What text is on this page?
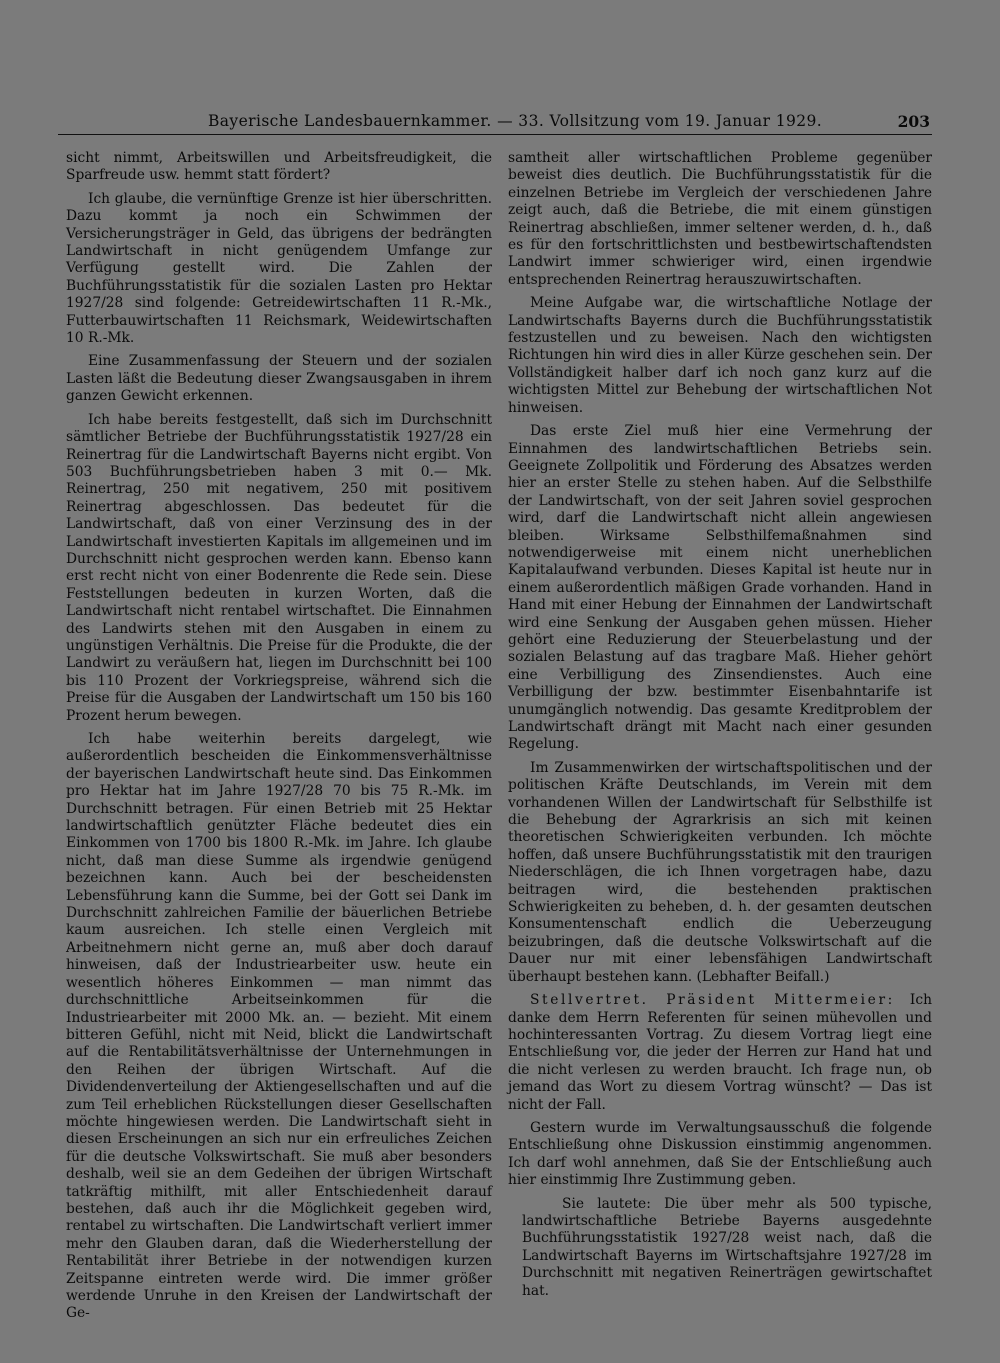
Bayerische Landesbauernkammer. — 33. Vollsitzung vom 19. Januar 1929.	203

sicht nimmt, Arbeitswillen und Arbeitsfreudigkeit, die Sparfreude usw. hemmt statt fördert?

Ich glaube, die vernünftige Grenze ist hier überschritten. Dazu kommt ja noch ein Schwimmen der Versicherungsträger in Geld, das übrigens der bedrängten Landwirtschaft in nicht genügendem Umfange zur Verfügung gestellt wird. Die Zahlen der Buchführungsstatistik für die sozialen Lasten pro Hektar 1927/28 sind folgende: Getreidewirtschaften 11 R.-Mk., Futterbauwirtschaften 11 Reichsmark, Weidewirtschaften 10 R.-Mk.

Eine Zusammenfassung der Steuern und der sozialen Lasten läßt die Bedeutung dieser Zwangsausgaben in ihrem ganzen Gewicht erkennen.

Ich habe bereits festgestellt, daß sich im Durchschnitt sämtlicher Betriebe der Buchführungsstatistik 1927/28 ein Reinertrag für die Landwirtschaft Bayerns nicht ergibt. Von 503 Buchführungsbetrieben haben 3 mit 0.— Mk. Reinertrag, 250 mit negativem, 250 mit positivem Reinertrag abgeschlossen. Das bedeutet für die Landwirtschaft, daß von einer Verzinsung des in der Landwirtschaft investierten Kapitals im allgemeinen und im Durchschnitt nicht gesprochen werden kann. Ebenso kann erst recht nicht von einer Bodenrente die Rede sein. Diese Feststellungen bedeuten in kurzen Worten, daß die Landwirtschaft nicht rentabel wirtschaftet. Die Einnahmen des Landwirts stehen mit den Ausgaben in einem zu ungünstigen Verhältnis. Die Preise für die Produkte, die der Landwirt zu veräußern hat, liegen im Durchschnitt bei 100 bis 110 Prozent der Vorkriegspreise, während sich die Preise für die Ausgaben der Landwirtschaft um 150 bis 160 Prozent herum bewegen.

Ich habe weiterhin bereits dargelegt, wie außerordentlich bescheiden die Einkommensverhältnisse der bayerischen Landwirtschaft heute sind. Das Einkommen pro Hektar hat im Jahre 1927/28 70 bis 75 R.-Mk. im Durchschnitt betragen. Für einen Betrieb mit 25 Hektar landwirtschaftlich genützter Fläche bedeutet dies ein Einkommen von 1700 bis 1800 R.-Mk. im Jahre. Ich glaube nicht, daß man diese Summe als irgendwie genügend bezeichnen kann. Auch bei der bescheidensten Lebensführung kann die Summe, bei der Gott sei Dank im Durchschnitt zahlreichen Familie der bäuerlichen Betriebe kaum ausreichen. Ich stelle einen Vergleich mit Arbeitnehmern nicht gerne an, muß aber doch darauf hinweisen, daß der Industriearbeiter usw. heute ein wesentlich höheres Einkommen — man nimmt das durchschnittliche Arbeitseinkommen für die Industriearbeiter mit 2000 Mk. an. — bezieht. Mit einem bitteren Gefühl, nicht mit Neid, blickt die Landwirtschaft auf die Rentabilitätsverhältnisse der Unternehmungen in den Reihen der übrigen Wirtschaft. Auf die Dividendenverteilung der Aktiengesellschaften und auf die zum Teil erheblichen Rückstellungen dieser Gesellschaften möchte hingewiesen werden. Die Landwirtschaft sieht in diesen Erscheinungen an sich nur ein erfreuliches Zeichen für die deutsche Volkswirtschaft. Sie muß aber besonders deshalb, weil sie an dem Gedeihen der übrigen Wirtschaft tatkräftig mithilft, mit aller Entschiedenheit darauf bestehen, daß auch ihr die Möglichkeit gegeben wird, rentabel zu wirtschaften. Die Landwirtschaft verliert immer mehr den Glauben daran, daß die Wiederherstellung der Rentabilität ihrer Betriebe in der notwendigen kurzen Zeitspanne eintreten werde wird. Die immer größer werdende Unruhe in den Kreisen der Landwirtschaft der Ge-

samtheit aller wirtschaftlichen Probleme gegenüber beweist dies deutlich. Die Buchführungsstatistik für die einzelnen Betriebe im Vergleich der verschiedenen Jahre zeigt auch, daß die Betriebe, die mit einem günstigen Reinertrag abschließen, immer seltener werden, d. h., daß es für den fortschrittlichsten und bestbewirtschaftendsten Landwirt immer schwieriger wird, einen irgendwie entsprechenden Reinertrag herauszuwirtschaften.

Meine Aufgabe war, die wirtschaftliche Notlage der Landwirtschafts Bayerns durch die Buchführungsstatistik festzustellen und zu beweisen. Nach den wichtigsten Richtungen hin wird dies in aller Kürze geschehen sein. Der Vollständigkeit halber darf ich noch ganz kurz auf die wichtigsten Mittel zur Behebung der wirtschaftlichen Not hinweisen.

Das erste Ziel muß hier eine Vermehrung der Einnahmen des landwirtschaftlichen Betriebs sein. Geeignete Zollpolitik und Förderung des Absatzes werden hier an erster Stelle zu stehen haben. Auf die Selbsthilfe der Landwirtschaft, von der seit Jahren soviel gesprochen wird, darf die Landwirtschaft nicht allein angewiesen bleiben. Wirksame Selbsthilfemaßnahmen sind notwendigerweise mit einem nicht unerheblichen Kapitalaufwand verbunden. Dieses Kapital ist heute nur in einem außerordentlich mäßigen Grade vorhanden. Hand in Hand mit einer Hebung der Einnahmen der Landwirtschaft wird eine Senkung der Ausgaben gehen müssen. Hieher gehört eine Reduzierung der Steuerbelastung und der sozialen Belastung auf das tragbare Maß. Hieher gehört eine Verbilligung des Zinsendienstes. Auch eine Verbilligung der bzw. bestimmter Eisenbahntarife ist unumgänglich notwendig. Das gesamte Kreditproblem der Landwirtschaft drängt mit Macht nach einer gesunden Regelung.

Im Zusammenwirken der wirtschaftspolitischen und der politischen Kräfte Deutschlands, im Verein mit dem vorhandenen Willen der Landwirtschaft für Selbsthilfe ist die Behebung der Agrarkrisis an sich mit keinen theoretischen Schwierigkeiten verbunden. Ich möchte hoffen, daß unsere Buchführungsstatistik mit den traurigen Niederschlägen, die ich Ihnen vorgetragen habe, dazu beitragen wird, die bestehenden praktischen Schwierigkeiten zu beheben, d. h. der gesamten deutschen Konsumentenschaft endlich die Ueberzeugung beizubringen, daß die deutsche Volkswirtschaft auf die Dauer nur mit einer lebensfähigen Landwirtschaft überhaupt bestehen kann. (Lebhafter Beifall.)

Stellvertret. Präsident Mittermeier: Ich danke dem Herrn Referenten für seinen mühevollen und hochinteressanten Vortrag. Zu diesem Vortrag liegt eine Entschließung vor, die jeder der Herren zur Hand hat und die nicht verlesen zu werden braucht. Ich frage nun, ob jemand das Wort zu diesem Vortrag wünscht? — Das ist nicht der Fall.

Gestern wurde im Verwaltungsausschuß die folgende Entschließung ohne Diskussion einstimmig angenommen. Ich darf wohl annehmen, daß Sie der Entschließung auch hier einstimmig Ihre Zustimmung geben.

Sie lautete: Die über mehr als 500 typische, landwirtschaftliche Betriebe Bayerns ausgedehnte Buchführungsstatistik 1927/28 weist nach, daß die Landwirtschaft Bayerns im Wirtschaftsjahre 1927/28 im Durchschnitt mit negativen Reinerträgen gewirtschaftet hat.
